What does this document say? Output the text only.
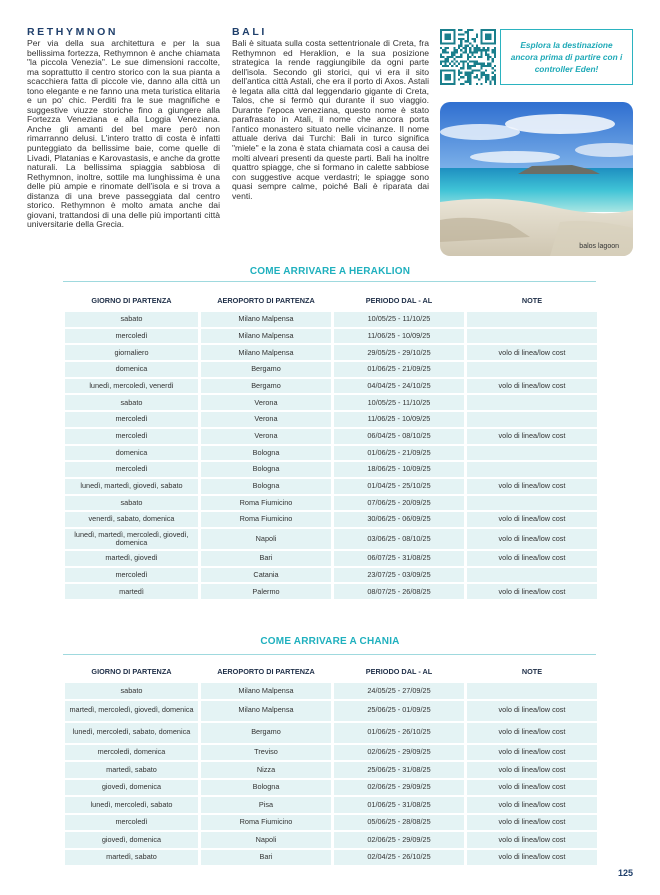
RETHYMNON

Per via della sua architettura e per la sua bellissima fortezza, Rethymnon è anche chiamata "la piccola Venezia". Le sue dimensioni raccolte, ma soprattutto il centro storico con la sua pianta a scacchiera fatta di piccole vie, danno alla città un tono elegante e ne fanno una meta turistica elitaria e un po' chic. Perditi fra le sue magnifiche e suggestive viuzze storiche fino a giungere alla Fortezza Veneziana e alla Loggia Veneziana. Anche gli amanti del bel mare però non rimarranno delusi. L'intero tratto di costa è infatti punteggiato da bellissime baie, come quelle di Livadi, Platanias e Karovastasis, e anche da grotte naturali. La bellissima spiaggia sabbiosa di Rethymnon, inoltre, sottile ma lunghissima è una delle più ampie e rinomate dell'isola e si trova a distanza di una breve passeggiata dal centro storico. Rethymnon è molto amata anche dai giovani, trattandosi di una delle più importanti città universitarie della Grecia.

BALI

Bali è situata sulla costa settentrionale di Creta, fra Rethymnon ed Heraklion, e la sua posizione strategica la rende raggiungibile da ogni parte dell'isola. Secondo gli storici, qui vi era il sito dell'antica città Astali, che era il porto di Axos. Astali è legata alla città dal leggendario gigante di Creta, Talos, che si fermò qui durante il suo viaggio. Durante l'epoca veneziana, questo nome è stato parafrasato in Atali, il nome che ancora porta l'antico monastero situato nelle vicinanze. Il nome attuale deriva dai Turchi: Bali in turco significa "miele" e la zona è stata chiamata così a causa dei molti alveari presenti da queste parti. Bali ha inoltre quattro spiagge, che si formano in calette sabbiose con suggestive acque verdastri; le spiagge sono quasi sempre calme, poiché Bali è riparata dai venti.

Esplora la destinazione ancora prima di partire con i controller Eden!
balos lagoon
COME ARRIVARE A HERAKLION
GIORNO DI PARTENZA	AEROPORTO DI PARTENZA	PERIODO DAL - AL	NOTE
sabato	Milano Malpensa	10/05/25 - 11/10/25	
mercoledì	Milano Malpensa	11/06/25 - 10/09/25	
giornaliero	Milano Malpensa	29/05/25 - 29/10/25	volo di linea/low cost
domenica	Bergamo	01/06/25 - 21/09/25	
lunedì, mercoledì, venerdì	Bergamo	04/04/25 - 24/10/25	volo di linea/low cost
sabato	Verona	10/05/25 - 11/10/25	
mercoledì	Verona	11/06/25 - 10/09/25	
mercoledì	Verona	06/04/25 - 08/10/25	volo di linea/low cost
domenica	Bologna	01/06/25 - 21/09/25	
mercoledì	Bologna	18/06/25 - 10/09/25	
lunedì, martedì, giovedì, sabato	Bologna	01/04/25 - 25/10/25	volo di linea/low cost
sabato	Roma Fiumicino	07/06/25 - 20/09/25	
venerdì, sabato, domenica	Roma Fiumicino	30/06/25 - 06/09/25	volo di linea/low cost
lunedì, martedì, mercoledì, giovedì, domenica	Napoli	03/06/25 - 08/10/25	volo di linea/low cost
martedì, giovedì	Bari	06/07/25 - 31/08/25	volo di linea/low cost
mercoledì	Catania	23/07/25 - 03/09/25	
martedì	Palermo	08/07/25 - 26/08/25	volo di linea/low cost
COME ARRIVARE A CHANIA
GIORNO DI PARTENZA	AEROPORTO DI PARTENZA	PERIODO DAL - AL	NOTE
sabato	Milano Malpensa	24/05/25 - 27/09/25	
martedì, mercoledì, giovedì, domenica	Milano Malpensa	25/06/25 - 01/09/25	volo di linea/low cost
lunedì, mercoledì, sabato, domenica	Bergamo	01/06/25 - 26/10/25	volo di linea/low cost
mercoledì, domenica	Treviso	02/06/25 - 29/09/25	volo di linea/low cost
martedì, sabato	Nizza	25/06/25 - 31/08/25	volo di linea/low cost
giovedì, domenica	Bologna	02/06/25 - 29/09/25	volo di linea/low cost
lunedì, mercoledì, sabato	Pisa	01/06/25 - 31/08/25	volo di linea/low cost
mercoledì	Roma Fiumicino	05/06/25 - 28/08/25	volo di linea/low cost
giovedì, domenica	Napoli	02/06/25 - 29/09/25	volo di linea/low cost
martedì, sabato	Bari	02/04/25 - 26/10/25	volo di linea/low cost
125
